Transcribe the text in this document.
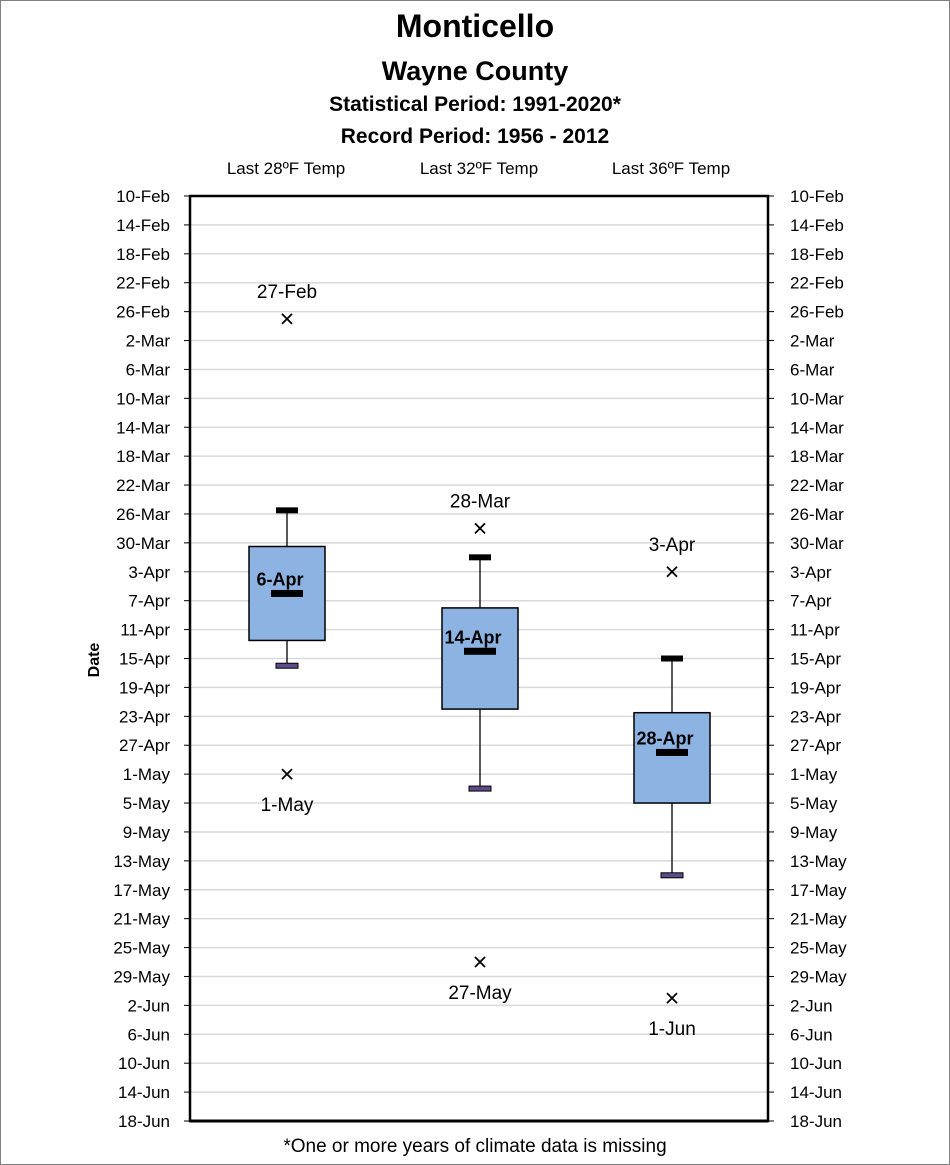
Monticello
Wayne County
Statistical Period: 1991-2020*
Record Period: 1956 - 2012
10-Feb	10-Feb
14-Feb	14-Feb
18-Feb	18-Feb
22-Feb	22-Feb
26-Feb	26-Feb
2-Mar	2-Mar
6-Mar	6-Mar
10-Mar	10-Mar
14-Mar	14-Mar
18-Mar	18-Mar
22-Mar	22-Mar
26-Mar	26-Mar
30-Mar	30-Mar
3-Apr	3-Apr
7-Apr	7-Apr
11-Apr	11-Apr
15-Apr	15-Apr
19-Apr	19-Apr
23-Apr	23-Apr
27-Apr	27-Apr
1-May	1-May
5-May	5-May
9-May	9-May
13-May	13-May
17-May	17-May
21-May	21-May
25-May	25-May
29-May	29-May
2-Jun	2-Jun
6-Jun	6-Jun
10-Jun	10-Jun
14-Jun	14-Jun
18-Jun	18-Jun
Date
Last 28ºF Temp	Last 32ºF Temp	Last 36ºF Temp
6-Apr
27-Feb
1-May
14-Apr
28-Mar
27-May
28-Apr
3-Apr
1-Jun
*One or more years of climate data is missing
